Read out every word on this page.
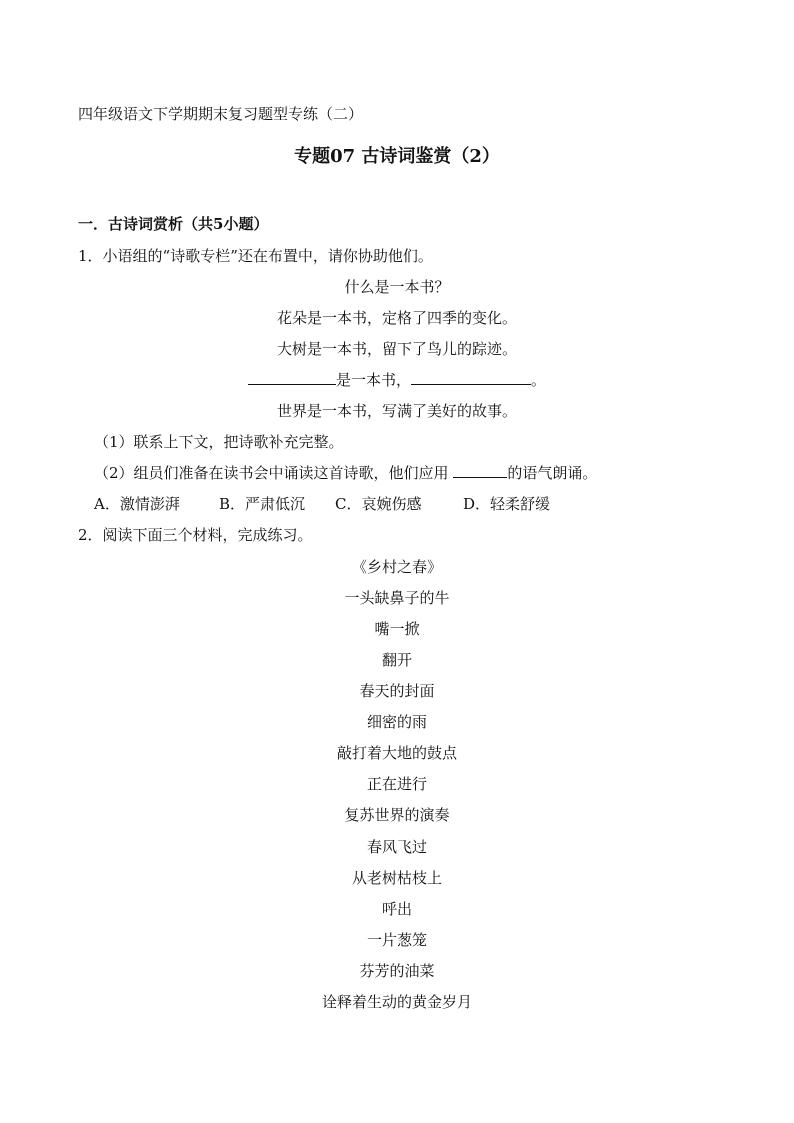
四年级语文下学期期末复习题型专练（二）
专题07 古诗词鉴赏（2）
一．古诗词赏析（共5小题）
1．小语组的“诗歌专栏”还在布置中，请你协助他们。
什么是一本书？
花朵是一本书，定格了四季的变化。
大树是一本书，留下了鸟儿的踪迹。
是一本书，	。
世界是一本书，写满了美好的故事。
（1）联系上下文，把诗歌补充完整。
（2）组员们准备在读书会中诵读这首诗歌，他们应用	的语气朗诵。
A．激情澎湃	B．严肃低沉 C．哀婉伤感	D．轻柔舒缓
2．阅读下面三个材料，完成练习。
《乡村之春》
一头缺鼻子的牛
嘴一掀
翻开
春天的封面
细密的雨
敲打着大地的鼓点
正在进行
复苏世界的演奏
春风飞过
从老树枯枝上
呼出
一片葱笼
芬芳的油菜
诠释着生动的黄金岁月
